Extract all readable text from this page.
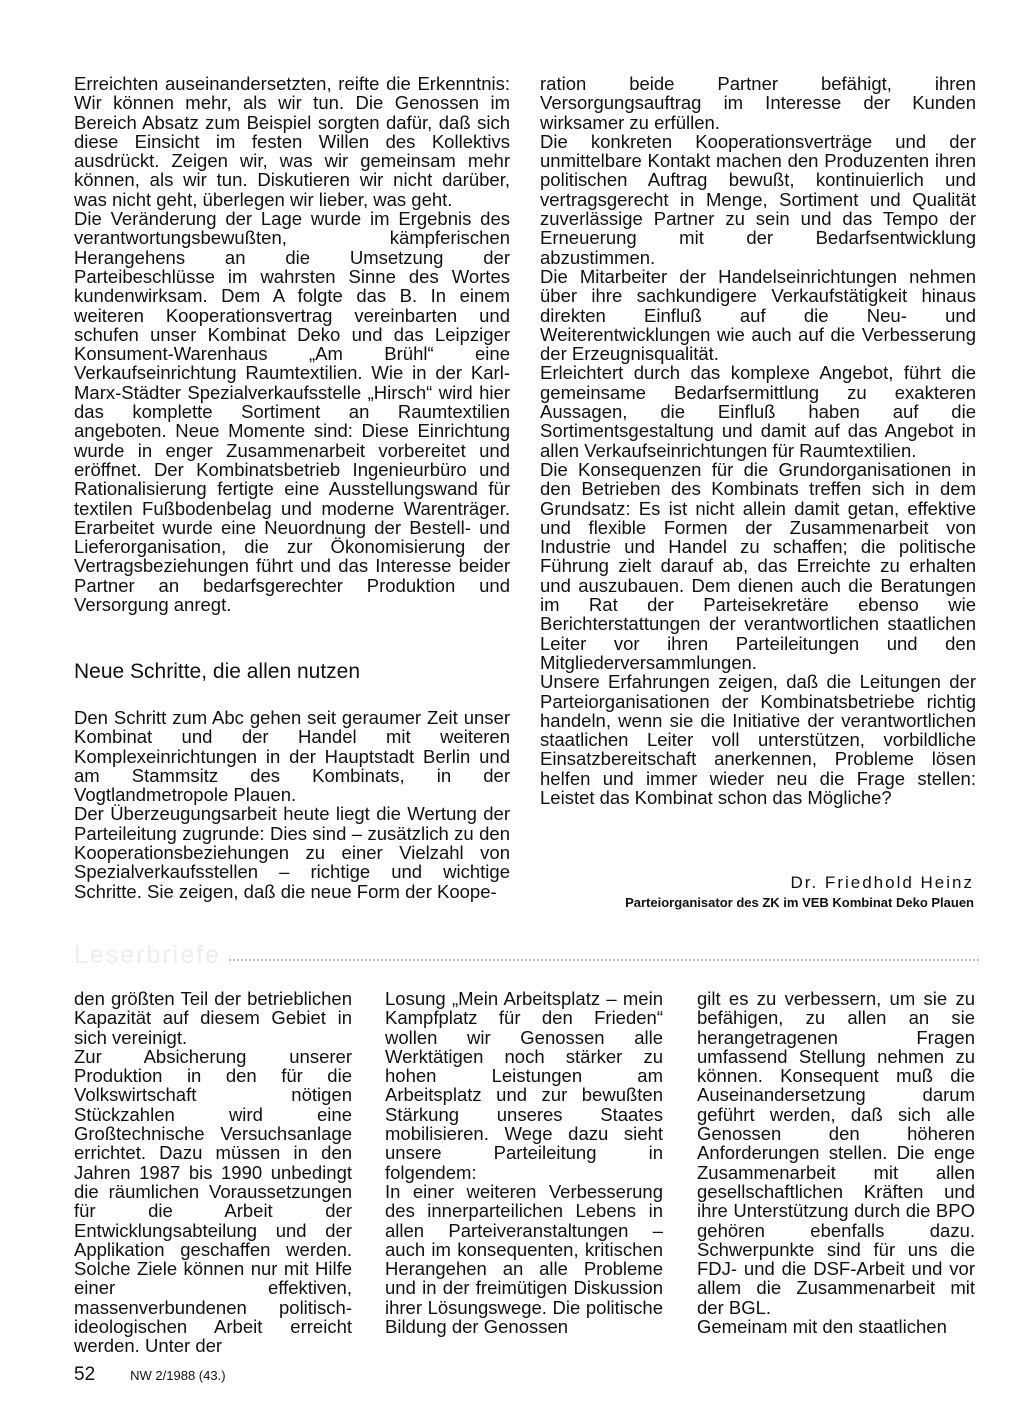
Erreichten auseinandersetzten, reifte die Erkenntnis: Wir können mehr, als wir tun. Die Genossen im Bereich Absatz zum Beispiel sorgten dafür, daß sich diese Einsicht im festen Willen des Kollektivs ausdrückt. Zeigen wir, was wir gemeinsam mehr können, als wir tun. Diskutieren wir nicht darüber, was nicht geht, überlegen wir lieber, was geht.

Die Veränderung der Lage wurde im Ergebnis des verantwortungsbewußten, kämpferischen Herangehens an die Umsetzung der Parteibeschlüsse im wahrsten Sinne des Wortes kundenwirksam. Dem A folgte das B. In einem weiteren Kooperationsvertrag vereinbarten und schufen unser Kombinat Deko und das Leipziger Konsument-Warenhaus „Am Brühl“ eine Verkaufseinrichtung Raumtextilien. Wie in der Karl-Marx-Städter Spezialverkaufsstelle „Hirsch“ wird hier das komplette Sortiment an Raumtextilien angeboten. Neue Momente sind: Diese Einrichtung wurde in enger Zusammenarbeit vorbereitet und eröffnet. Der Kombinatsbetrieb Ingenieurbüro und Rationalisierung fertigte eine Ausstellungswand für textilen Fußbodenbelag und moderne Warenträger. Erarbeitet wurde eine Neuordnung der Bestell- und Lieferorganisation, die zur Ökonomisierung der Vertragsbeziehungen führt und das Interesse beider Partner an bedarfsgerechter Produktion und Versorgung anregt.

Neue Schritte, die allen nutzen

Den Schritt zum Abc gehen seit geraumer Zeit unser Kombinat und der Handel mit weiteren Komplexeinrichtungen in der Hauptstadt Berlin und am Stammsitz des Kombinats, in der Vogtlandmetropole Plauen.

Der Überzeugungsarbeit heute liegt die Wertung der Parteileitung zugrunde: Dies sind – zusätzlich zu den Kooperationsbeziehungen zu einer Vielzahl von Spezialverkaufsstellen – richtige und wichtige Schritte. Sie zeigen, daß die neue Form der Koope-

ration beide Partner befähigt, ihren Versorgungsauftrag im Interesse der Kunden wirksamer zu erfüllen.

Die konkreten Kooperationsverträge und der unmittelbare Kontakt machen den Produzenten ihren politischen Auftrag bewußt, kontinuierlich und vertragsgerecht in Menge, Sortiment und Qualität zuverlässige Partner zu sein und das Tempo der Erneuerung mit der Bedarfsentwicklung abzustimmen.

Die Mitarbeiter der Handelseinrichtungen nehmen über ihre sachkundigere Verkaufstätigkeit hinaus direkten Einfluß auf die Neu- und Weiterentwicklungen wie auch auf die Verbesserung der Erzeugnisqualität.

Erleichtert durch das komplexe Angebot, führt die gemeinsame Bedarfsermittlung zu exakteren Aussagen, die Einfluß haben auf die Sortimentsgestaltung und damit auf das Angebot in allen Verkaufseinrichtungen für Raumtextilien.

Die Konsequenzen für die Grundorganisationen in den Betrieben des Kombinats treffen sich in dem Grundsatz: Es ist nicht allein damit getan, effektive und flexible Formen der Zusammenarbeit von Industrie und Handel zu schaffen; die politische Führung zielt darauf ab, das Erreichte zu erhalten und auszubauen. Dem dienen auch die Beratungen im Rat der Parteisekretäre ebenso wie Berichterstattungen der verantwortlichen staatlichen Leiter vor ihren Parteileitungen und den Mitgliederversammlungen.

Unsere Erfahrungen zeigen, daß die Leitungen der Parteiorganisationen der Kombinatsbetriebe richtig handeln, wenn sie die Initiative der verantwortlichen staatlichen Leiter voll unterstützen, vorbildliche Einsatzbereitschaft anerkennen, Probleme lösen helfen und immer wieder neu die Frage stellen: Leistet das Kombinat schon das Mögliche?

Dr. Friedhold Heinz

Parteiorganisator des ZK im VEB Kombinat Deko Plauen

Leserbriefe

den größten Teil der betrieblichen Kapazität auf diesem Gebiet in sich vereinigt.

Zur Absicherung unserer Produktion in den für die Volkswirtschaft nötigen Stückzahlen wird eine Großtechnische Versuchsanlage errichtet. Dazu müssen in den Jahren 1987 bis 1990 unbedingt die räumlichen Voraussetzungen für die Arbeit der Entwicklungsabteilung und der Applikation geschaffen werden. Solche Ziele können nur mit Hilfe einer effektiven, massenverbundenen politisch-ideologischen Arbeit erreicht werden. Unter der

Losung „Mein Arbeitsplatz – mein Kampfplatz für den Frieden“ wollen wir Genossen alle Werktätigen noch stärker zu hohen Leistungen am Arbeitsplatz und zur bewußten Stärkung unseres Staates mobilisieren. Wege dazu sieht unsere Parteileitung in folgendem:

In einer weiteren Verbesserung des innerparteilichen Lebens in allen Parteiveranstaltungen – auch im konsequenten, kritischen Herangehen an alle Probleme und in der freimütigen Diskussion ihrer Lösungswege. Die politische Bildung der Genossen

gilt es zu verbessern, um sie zu befähigen, zu allen an sie herangetragenen Fragen umfassend Stellung nehmen zu können. Konsequent muß die Auseinandersetzung darum geführt werden, daß sich alle Genossen den höheren Anforderungen stellen. Die enge Zusammenarbeit mit allen gesellschaftlichen Kräften und ihre Unterstützung durch die BPO gehören ebenfalls dazu. Schwerpunkte sind für uns die FDJ- und die DSF-Arbeit und vor allem die Zusammenarbeit mit der BGL.

Gemeinam mit den staatlichen

52	NW 2/1988 (43.)
